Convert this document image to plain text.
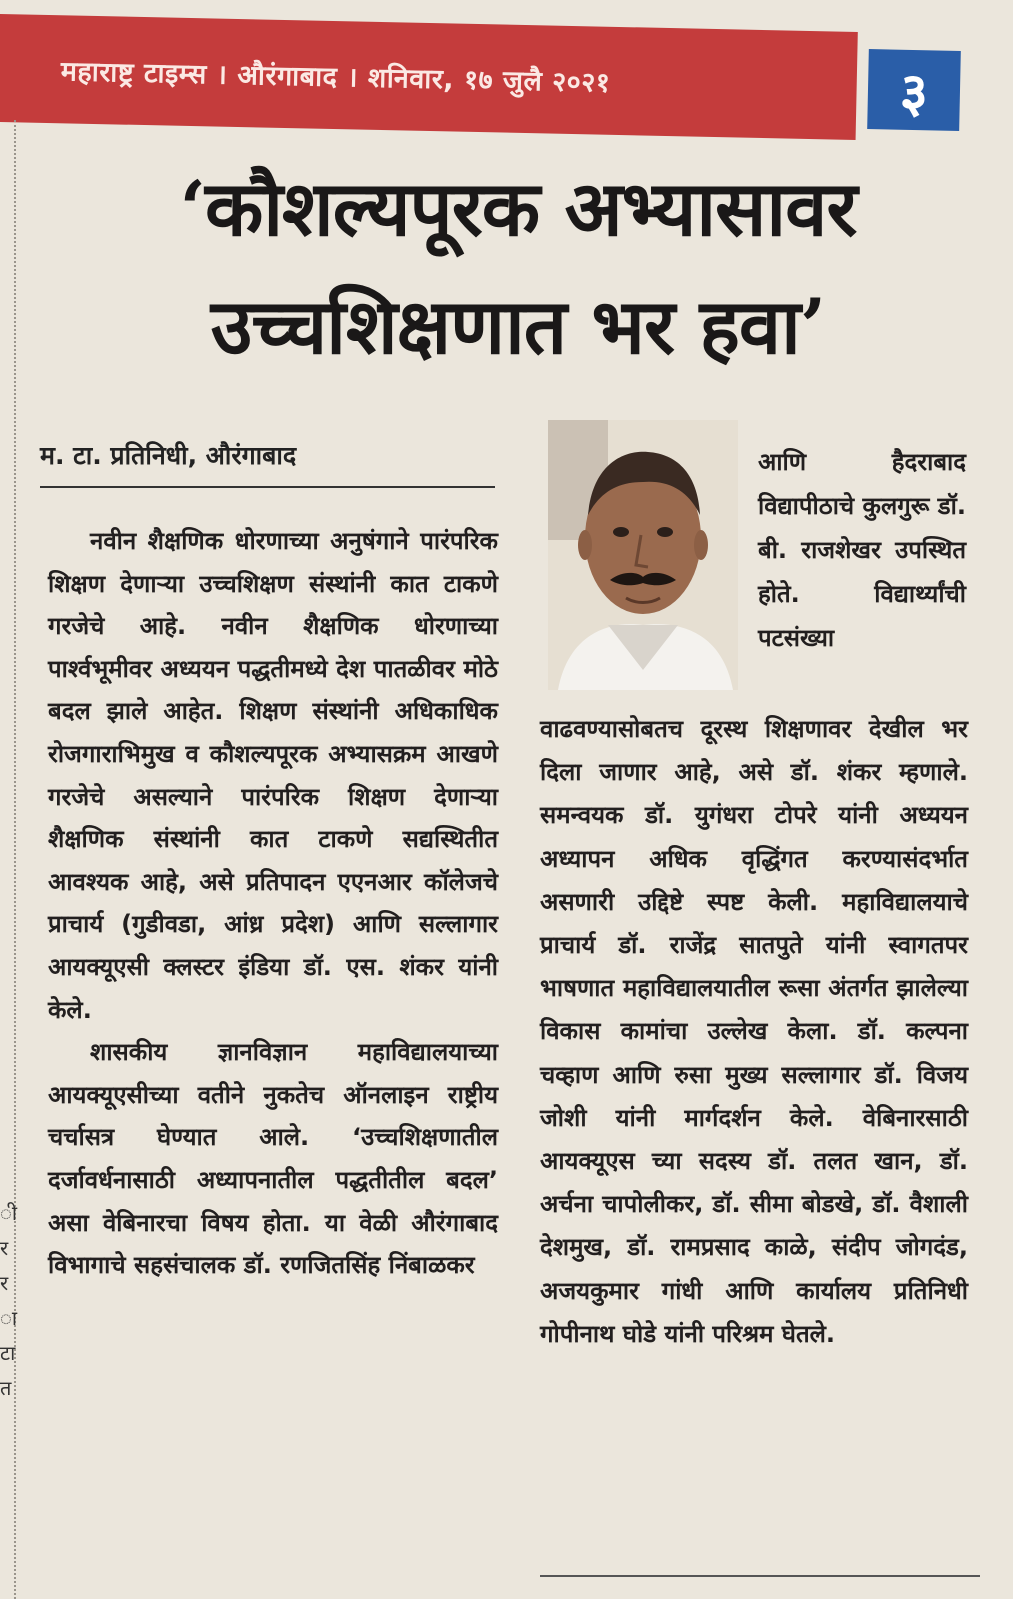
महाराष्ट्र टाइम्स । औरंगाबाद । शनिवार, १७ जुलै २०२१	३
ी
र
र
ा
टा
त
‘कौशल्यपूरक अभ्यासावर
उच्चशिक्षणात भर हवा’
म. टा. प्रतिनिधी, औरंगाबाद

नवीन शैक्षणिक धोरणाच्या अनुषंगाने पारंपरिक शिक्षण देणाऱ्या उच्चशिक्षण संस्थांनी कात टाकणे गरजेचे आहे. नवीन शैक्षणिक धोरणाच्या पार्श्वभूमीवर अध्ययन पद्धतीमध्ये देश पातळीवर मोठे बदल झाले आहेत. शिक्षण संस्थांनी अधिकाधिक रोजगाराभिमुख व कौशल्यपूरक अभ्यासक्रम आखणे गरजेचे असल्याने पारंपरिक शिक्षण देणाऱ्या शैक्षणिक संस्थांनी कात टाकणे सद्यस्थितीत आवश्यक आहे, असे प्रतिपादन एएनआर कॉलेजचे प्राचार्य (गुडीवडा, आंध्र प्रदेश) आणि सल्लागार आयक्यूएसी क्लस्टर इंडिया डॉ. एस. शंकर यांनी केले.

शासकीय ज्ञानविज्ञान महाविद्यालयाच्या आयक्यूएसीच्या वतीने नुकतेच ऑनलाइन राष्ट्रीय चर्चासत्र घेण्यात आले. ‘उच्चशिक्षणातील दर्जावर्धनासाठी अध्यापनातील पद्धतीतील बदल’ असा वेबिनारचा विषय होता. या वेळी औरंगाबाद विभागाचे सहसंचालक डॉ. रणजितसिंह निंबाळकर

आणि हैदराबाद विद्यापीठाचे कुलगुरू डॉ. बी. राजशेखर उपस्थित होते. विद्यार्थ्यांची पटसंख्या

वाढवण्यासोबतच दूरस्थ शिक्षणावर देखील भर दिला जाणार आहे, असे डॉ. शंकर म्हणाले. समन्वयक डॉ. युगंधरा टोपरे यांनी अध्ययन अध्यापन अधिक वृद्धिंगत करण्यासंदर्भात असणारी उद्दिष्टे स्पष्ट केली. महाविद्यालयाचे प्राचार्य डॉ. राजेंद्र सातपुते यांनी स्वागतपर भाषणात महाविद्यालयातील रूसा अंतर्गत झालेल्या विकास कामांचा उल्लेख केला. डॉ. कल्पना चव्हाण आणि रुसा मुख्य सल्लागार डॉ. विजय जोशी यांनी मार्गदर्शन केले. वेबिनारसाठी आयक्यूएस च्या सदस्य डॉ. तलत खान, डॉ. अर्चना चापोलीकर, डॉ. सीमा बोडखे, डॉ. वैशाली देशमुख, डॉ. रामप्रसाद काळे, संदीप जोगदंड, अजयकुमार गांधी आणि कार्यालय प्रतिनिधी गोपीनाथ घोडे यांनी परिश्रम घेतले.
